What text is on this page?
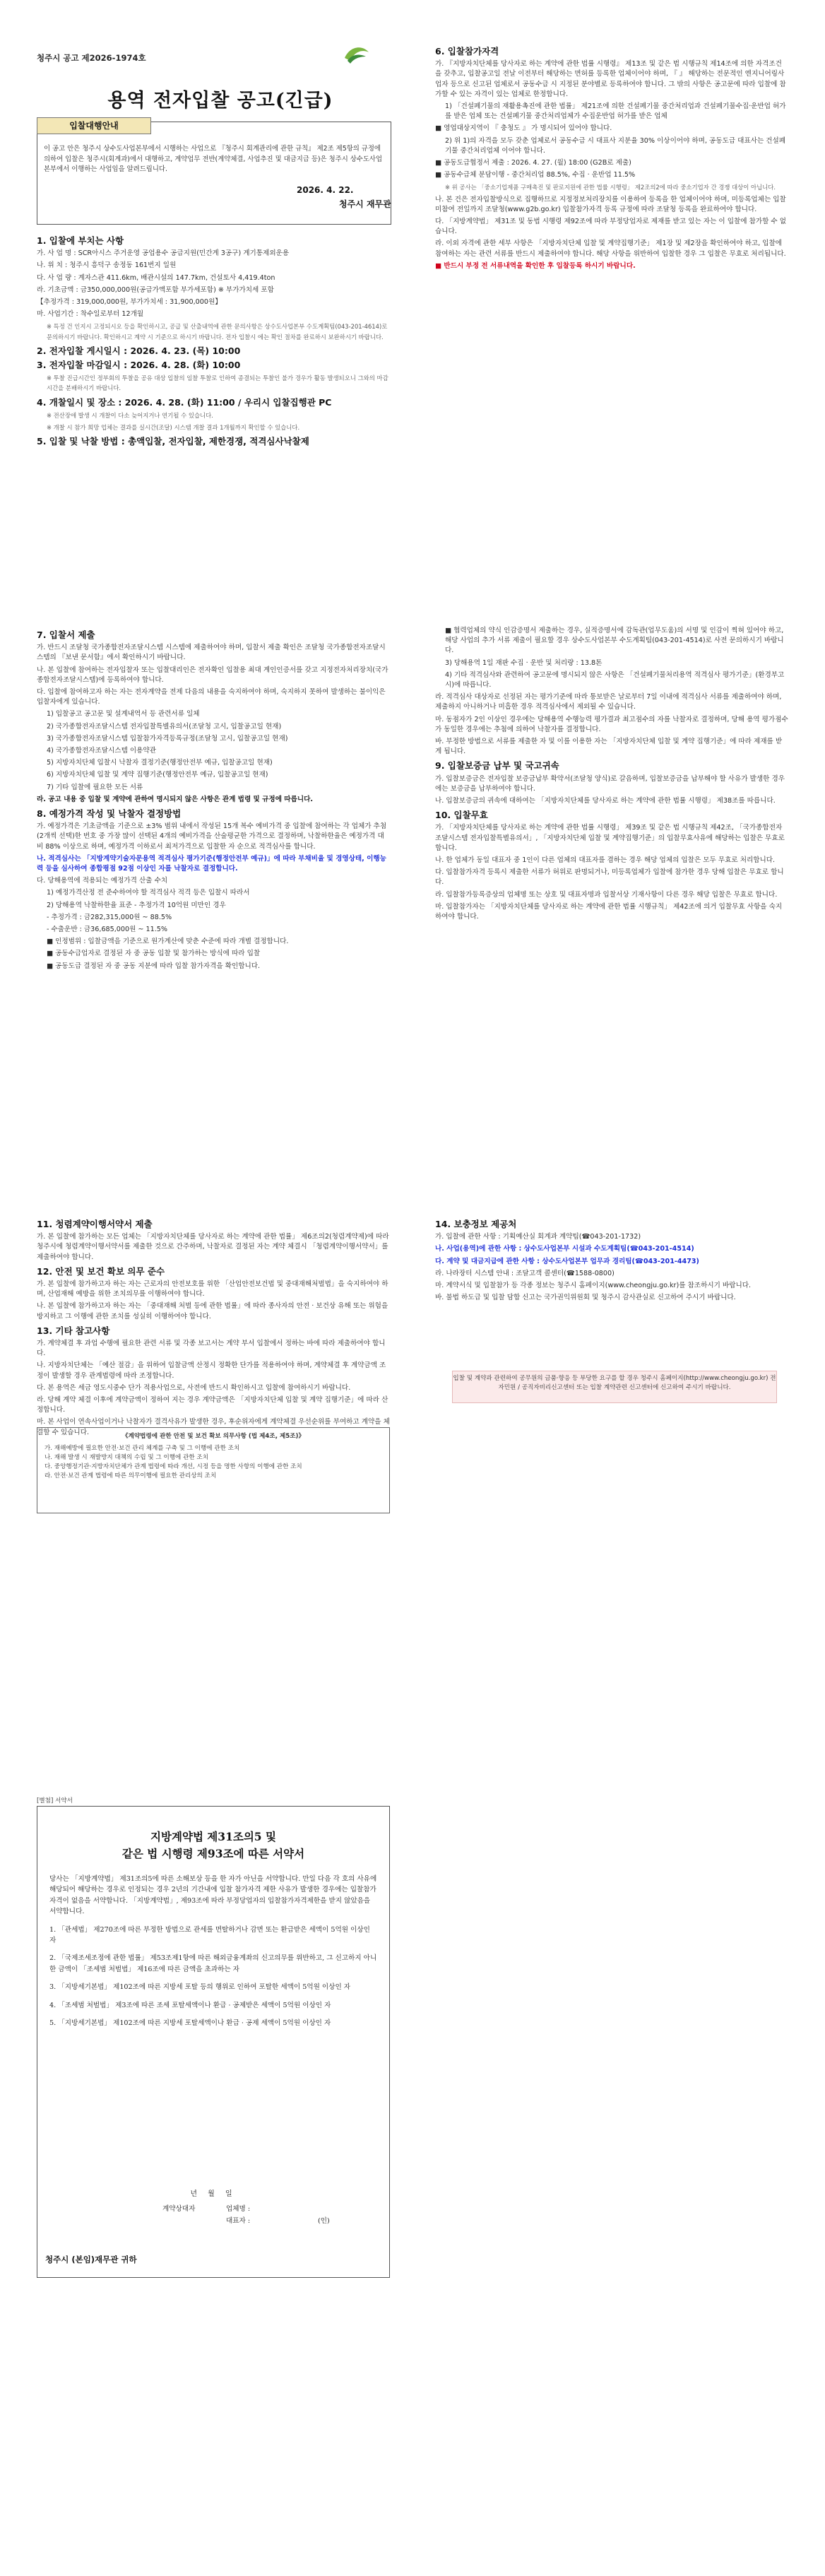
청주시 공고 제2026-1974호
용역 전자입찰 공고(긴급)
입찰대행안내
이 공고 안은 청주시 상수도사업본부에서 시행하는 사업으로 『청주시 회계관리에 관한 규칙』 제2조 제5항의 규정에 의하여 입찰은 청주시(회계과)에서 대행하고, 계약업무 전반(계약체결, 사업추진 및 대금지급 등)은 청주시 상수도사업본부에서 이행하는 사업임을 알려드립니다.
2026. 4. 22.
청주시 재무관

1. 입찰에 부치는 사항

가. 사 업 명 : SCR아시스 주거운영 공업용수 공급지원(민간계 3공구) 계기통제외운용

나. 위 치 : 청주시 흥덕구 송정동 161번지 일원

다. 사 업 량 : 계자스관 411.6km, 배관시설의 147.7km, 건설토사 4,419.4ton

라. 기초금액 : 금350,000,000원(공급가액포함 부가세포함) ※ 부가가치세 포함

【추정가격 : 319,000,000원, 부가가치세 : 31,900,000원】

마. 사업기간 : 착수일로부터 12개월

※ 특정 건 인지시 고정되시오 등을 확인하시고, 공급 및 산출내역에 관한 문의사항은 상수도사업본부 수도계획팀(043-201-4614)로 문의하시기 바랍니다. 확인하시고 계약 시 기준으로 하시기 바랍니다. 전자 입찰시 에는 확인 절차를 완료하시 보완하시기 바랍니다.

2. 전자입찰 게시일시 : 2026. 4. 23. (목) 10:00

3. 전자입찰 마감일시 : 2026. 4. 28. (화) 10:00

※ 투찰 진급시간인 정부회의 투찰을 공유 대상 입찰의 임찰 투찰로 인하여 종결되는 투찰인 불가 경우가 활동 발생되오니 그와의 마감 시간을 분배하시기 바랍니다.

4. 개찰일시 및 장소 : 2026. 4. 28. (화) 11:00 / 우리시 입찰집행관 PC

※ 전산장애 발생 시 개찰이 다소 늦어지거나 연기될 수 있습니다.

※ 개찰 시 참가 희망 업체는 결과를 실시간(조달) 시스템 개찰 결과 1개월까지 확인할 수 있습니다.

5. 입찰 및 낙찰 방법 : 총액입찰, 전자입찰, 제한경쟁, 적격심사낙찰제

6. 입찰참가자격

가. 『지방자치단체를 당사자로 하는 계약에 관한 법률 시행령』 제13조 및 같은 법 시행규칙 제14조에 의한 자격조건을 갖추고, 입찰공고일 전날 이전부터 해당하는 면허를 등록한 업체이어야 하며, 『 』 해당하는 전문적인 엔지니어링사업자 등으로 신고된 업체로서 공동수급 시 지정된 분야별로 등록하여야 합니다. 그 밖의 사항은 공고문에 따라 입찰에 참가할 수 있는 자격이 있는 업체로 한정합니다.

1) 「건설폐기물의 재활용촉진에 관한 법률」 제21조에 의한 건설폐기물 중간처리업과 건설폐기물수집·운반업 허가를 받은 업체 또는 건설폐기물 중간처리업체가 수집운반업 허가를 받은 업체

■ 영업대상지역이 『 충청도 』 가 명시되어 있어야 합니다.

2) 위 1)의 자격을 모두 갖춘 업체로서 공동수급 시 대표사 지분율 30% 이상이어야 하며, 공동도급 대표사는 건설폐기물 중간처리업체 이어야 합니다.

■ 공동도급협정서 제출 : 2026. 4. 27. (월) 18:00 (G2B로 제출)

■ 공동수급체 분담이행 - 중간처리업 88.5%, 수집 · 운반업 11.5%

※ 위 공사는 「중소기업제품 구매촉진 및 판로지원에 관한 법률 시행령」 제2조의2에 따라 중소기업자 간 경쟁 대상이 아닙니다.

나. 본 건은 전자입찰방식으로 집행하므로 지정정보처리장치를 이용하여 등록을 한 업체이어야 하며, 미등록업체는 입찰 미참여 전일까지 조달청(www.g2b.go.kr) 입찰참가자격 등록 규정에 따라 조달청 등록을 완료하여야 합니다.

다. 「지방계약법」 제31조 및 동법 시행령 제92조에 따라 부정당업자로 제재를 받고 있는 자는 이 입찰에 참가할 수 없습니다.

라. 이외 자격에 관한 세부 사항은 「지방자치단체 입찰 및 계약집행기준」 제1장 및 제2장을 확인하여야 하고, 입찰에 참여하는 자는 관련 서류를 반드시 제출하여야 합니다. 해당 사항을 위반하여 입찰한 경우 그 입찰은 무효로 처리됩니다.

■ 반드시 부정 전 서류내역을 확인한 후 입찰등록 하시기 바랍니다.

7. 입찰서 제출

가. 반드시 조달청 국가종합전자조달시스템 시스템에 제출하여야 하며, 입찰서 제출 확인은 조달청 국가종합전자조달시스템의 『보낸 문서함』에서 확인하시기 바랍니다.

나. 본 입찰에 참여하는 전자입찰자 또는 입찰대리인은 전자확인 입찰용 최대 계인인증서를 갖고 지정전자처리장치(국가종합전자조달시스템)에 등록하여야 합니다.

다. 입찰에 참여하고자 하는 자는 전자계약을 전제 다음의 내용을 숙지하여야 하며, 숙지하지 못하여 발생하는 불이익은 입찰자에게 있습니다.

1) 입찰공고 공고문 및 설계내역서 등 관련서류 일체

2) 국가종합전자조달시스템 전자입찰특별유의서(조달청 고시, 입찰공고일 현재)

3) 국가종합전자조달시스템 입찰참가자격등록규정(조달청 고시, 입찰공고일 현재)

4) 국가종합전자조달시스템 이용약관

5) 지방자치단체 입찰시 낙찰자 결정기준(행정안전부 예규, 입찰공고일 현재)

6) 지방자치단체 입찰 및 계약 집행기준(행정안전부 예규, 입찰공고일 현재)

7) 기타 입찰에 필요한 모든 서류

라. 공고 내용 중 입찰 및 계약에 관하여 명시되지 않은 사항은 관계 법령 및 규정에 따릅니다.

8. 예정가격 작성 및 낙찰자 결정방법

가. 예정가격은 기초금액을 기준으로 ±3% 범위 내에서 작성된 15개 복수 예비가격 중 입찰에 참여하는 각 업체가 추첨(2개씩 선택)한 번호 중 가장 많이 선택된 4개의 예비가격을 산술평균한 가격으로 결정하며, 낙찰하한율은 예정가격 대비 88% 이상으로 하며, 예정가격 이하로서 최저가격으로 입찰한 자 순으로 적격심사를 합니다.

나. 적격심사는 「지방계약기술자문용역 적격심사 평가기준(행정안전부 예규)」에 따라 부채비율 및 경영상태, 이행능력 등을 심사하여 종합평점 92점 이상인 자를 낙찰자로 결정합니다.

다. 당해용역에 적용되는 예정가격 산출 수치

1) 예정가격산정 전 준수하여야 할 적격심사 적격 등은 입찰시 따라서

2) 당해용역 낙찰하한율 표준 - 추정가격 10억원 미만인 경우

- 추정가격 : 금282,315,000원 ~ 88.5%

- 수출운반 : 금36,685,000원 ~ 11.5%

■ 인정범위 : 입찰금액을 기준으로 원가계산에 맞춘 수준에 따라 개별 결정합니다.

■ 공동수급업자로 결정된 자 중 공동 입찰 및 참가하는 방식에 따라 입찰

■ 공동도급 결정된 자 중 공동 지분에 따라 입찰 참가자격을 확인합니다.

■ 협력업체의 약식 인감증명서 제출하는 경우, 실적증명서에 감독관(업무도움)의 서명 및 인감이 찍혀 있어야 하고, 해당 사업의 추가 서류 제출이 필요할 경우 상수도사업본부 수도계획팀(043-201-4514)로 사전 문의하시기 바랍니다.

3) 당해용역 1일 재판 수집 · 운반 및 처리량 : 13.8톤

4) 기타 적격심사와 관련하여 공고문에 명시되지 않은 사항은 「건설폐기물처리용역 적격심사 평가기준」(환경부고시)에 따릅니다.

라. 적격심사 대상자로 선정된 자는 평가기준에 따라 통보받은 날로부터 7일 이내에 적격심사 서류를 제출하여야 하며, 제출하지 아니하거나 미흡한 경우 적격심사에서 제외될 수 있습니다.

마. 동점자가 2인 이상인 경우에는 당해용역 수행능력 평가결과 최고점수의 자를 낙찰자로 결정하며, 당해 용역 평가점수가 동일한 경우에는 추첨에 의하여 낙찰자를 결정합니다.

바. 부정한 방법으로 서류를 제출한 자 및 이를 이용한 자는 「지방자치단체 입찰 및 계약 집행기준」에 따라 제재를 받게 됩니다.

9. 입찰보증금 납부 및 국고귀속

가. 입찰보증금은 전자입찰 보증금납부 확약서(조달청 양식)로 갈음하며, 입찰보증금을 납부해야 할 사유가 발생한 경우에는 보증금을 납부하여야 합니다.

나. 입찰보증금의 귀속에 대하여는 「지방자치단체를 당사자로 하는 계약에 관한 법률 시행령」 제38조를 따릅니다.

10. 입찰무효

가. 「지방자치단체를 당사자로 하는 계약에 관한 법률 시행령」 제39조 및 같은 법 시행규칙 제42조, 「국가종합전자조달시스템 전자입찰특별유의서」, 「지방자치단체 입찰 및 계약집행기준」의 입찰무효사유에 해당하는 입찰은 무효로 합니다.

나. 한 업체가 동일 대표자 중 1인이 다른 업체의 대표자를 겸하는 경우 해당 업체의 입찰은 모두 무효로 처리합니다.

다. 입찰참가자격 등록시 제출한 서류가 허위로 판명되거나, 미등록업체가 입찰에 참가한 경우 당해 입찰은 무효로 합니다.

라. 입찰참가등록증상의 업체명 또는 상호 및 대표자명과 입찰서상 기재사항이 다른 경우 해당 입찰은 무효로 합니다.

마. 입찰참가자는 「지방자치단체를 당사자로 하는 계약에 관한 법률 시행규칙」 제42조에 의거 입찰무효 사항을 숙지하여야 합니다.

11. 청렴계약이행서약서 제출

가. 본 입찰에 참가하는 모든 업체는 「지방자치단체를 당사자로 하는 계약에 관한 법률」 제6조의2(청렴계약제)에 따라 청주시에 청렴계약이행서약서를 제출한 것으로 간주하며, 낙찰자로 결정된 자는 계약 체결시 「청렴계약이행서약서」를 제출하여야 합니다.

12. 안전 및 보건 확보 의무 준수

가. 본 입찰에 참가하고자 하는 자는 근로자의 안전보호를 위한 「산업안전보건법 및 중대재해처벌법」을 숙지하여야 하며, 산업재해 예방을 위한 조치의무를 이행하여야 합니다.

나. 본 입찰에 참가하고자 하는 자는 「중대재해 처벌 등에 관한 법률」에 따라 종사자의 안전 · 보건상 유해 또는 위험을 방지하고 그 이행에 관한 조치를 성실히 이행하여야 합니다.

13. 기타 참고사항

가. 계약체결 후 과업 수행에 필요한 관련 서류 및 각종 보고서는 계약 부서 입찰에서 정하는 바에 따라 제출하여야 합니다.

나. 지방자치단체는 「예산 절감」을 위하여 입찰금액 산정시 정확한 단가를 적용하여야 하며, 계약체결 후 계약금액 조정이 발생할 경우 관계법령에 따라 조정합니다.

다. 본 용역은 세금 영도시중수 단가 적용사업으로, 사전에 반드시 확인하시고 입찰에 참여하시기 바랍니다.

라. 당해 계약 체결 이후에 계약금액이 정하여 지는 경우 계약금액은 「지방자치단체 입찰 및 계약 집행기준」에 따라 산정합니다.

마. 본 사업이 연속사업이거나 낙찰자가 결격사유가 발생한 경우, 후순위자에게 계약체결 우선순위를 부여하고 계약을 체결할 수 있습니다.

14. 보충정보 제공처

가. 입찰에 관한 사항 : 기획예산실 회계과 계약팀(☎043-201-1732)

나. 사업(용역)에 관한 사항 : 상수도사업본부 시설과 수도계획팀(☎043-201-4514)

다. 계약 및 대금지급에 관한 사항 : 상수도사업본부 업무과 경리팀(☎043-201-4473)

라. 나라장터 시스템 안내 : 조달고객 콜센터(☎1588-0800)

마. 계약서식 및 입찰참가 등 각종 정보는 청주시 홈페이지(www.cheongju.go.kr)를 참조하시기 바랍니다.

바. 불법 하도급 및 입찰 담합 신고는 국가권익위원회 및 청주시 감사관실로 신고하여 주시기 바랍니다.

《계약법령에 관한 안전 및 보건 확보 의무사항 (법 제4조, 제5조)》
가. 재해예방에 필요한 안전·보건 관리 체계를 구축 및 그 이행에 관한 조치
나. 재해 발생 시 재발방지 대책의 수립 및 그 이행에 관한 조치
다. 중앙행정기관·지방자치단체가 관계 법령에 따라 개선, 시정 등을 명한 사항의 이행에 관한 조치
라. 안전·보건 관계 법령에 따른 의무이행에 필요한 관리상의 조치
입찰 및 계약과 관련하여 공무원의 금품·향응 등 부당한 요구를 할 경우 청주시 홈페이지(http://www.cheongju.go.kr) 전자민원 / 공직자비리신고센터 또는 입찰 계약관련 신고센터에 신고하여 주시기 바랍니다.
[별첨] 서약서
지방계약법 제31조의5 및
같은 법 시행령 제93조에 따른 서약서

당사는 「지방계약법」 제31조의5에 따른 소해보상 등을 한 자가 아닌을 서약합니다. 만일 다음 각 호의 사유에 해당되어 해당하는 경우로 인정되는 경우 2년의 기간내에 입찰 참가자격 제한 사유가 발생한 경우에는 입찰참가 자격이 없음을 서약합니다. 「지방계약법」, 제93조에 따라 부정당업자의 입찰참가자격제한을 받지 않았음을 서약합니다.

1. 「관세법」 제270조에 따른 부정한 방법으로 관세를 면탈하거나 감면 또는 환급받은 세액이 5억원 이상인 자

2. 「국제조세조정에 관한 법률」 제53조제1항에 따른 해외금융계좌의 신고의무를 위반하고, 그 신고하지 아니한 금액이 「조세범 처벌법」 제16조에 따른 금액을 초과하는 자

3. 「지방세기본법」 제102조에 따른 지방세 포탈 등의 행위로 인하여 포탈한 세액이 5억원 이상인 자

4. 「조세범 처벌법」 제3조에 따른 조세 포탈세액이나 환급 · 공제받은 세액이 5억원 이상인 자

5. 「지방세기본법」 제102조에 따른 지방세 포탈세액이나 환급 · 공제 세액이 5억원 이상인 자

년 월 일
계약상대자	업체명 :
대표자 :	(인)
청주시 (본임)재무관 귀하
